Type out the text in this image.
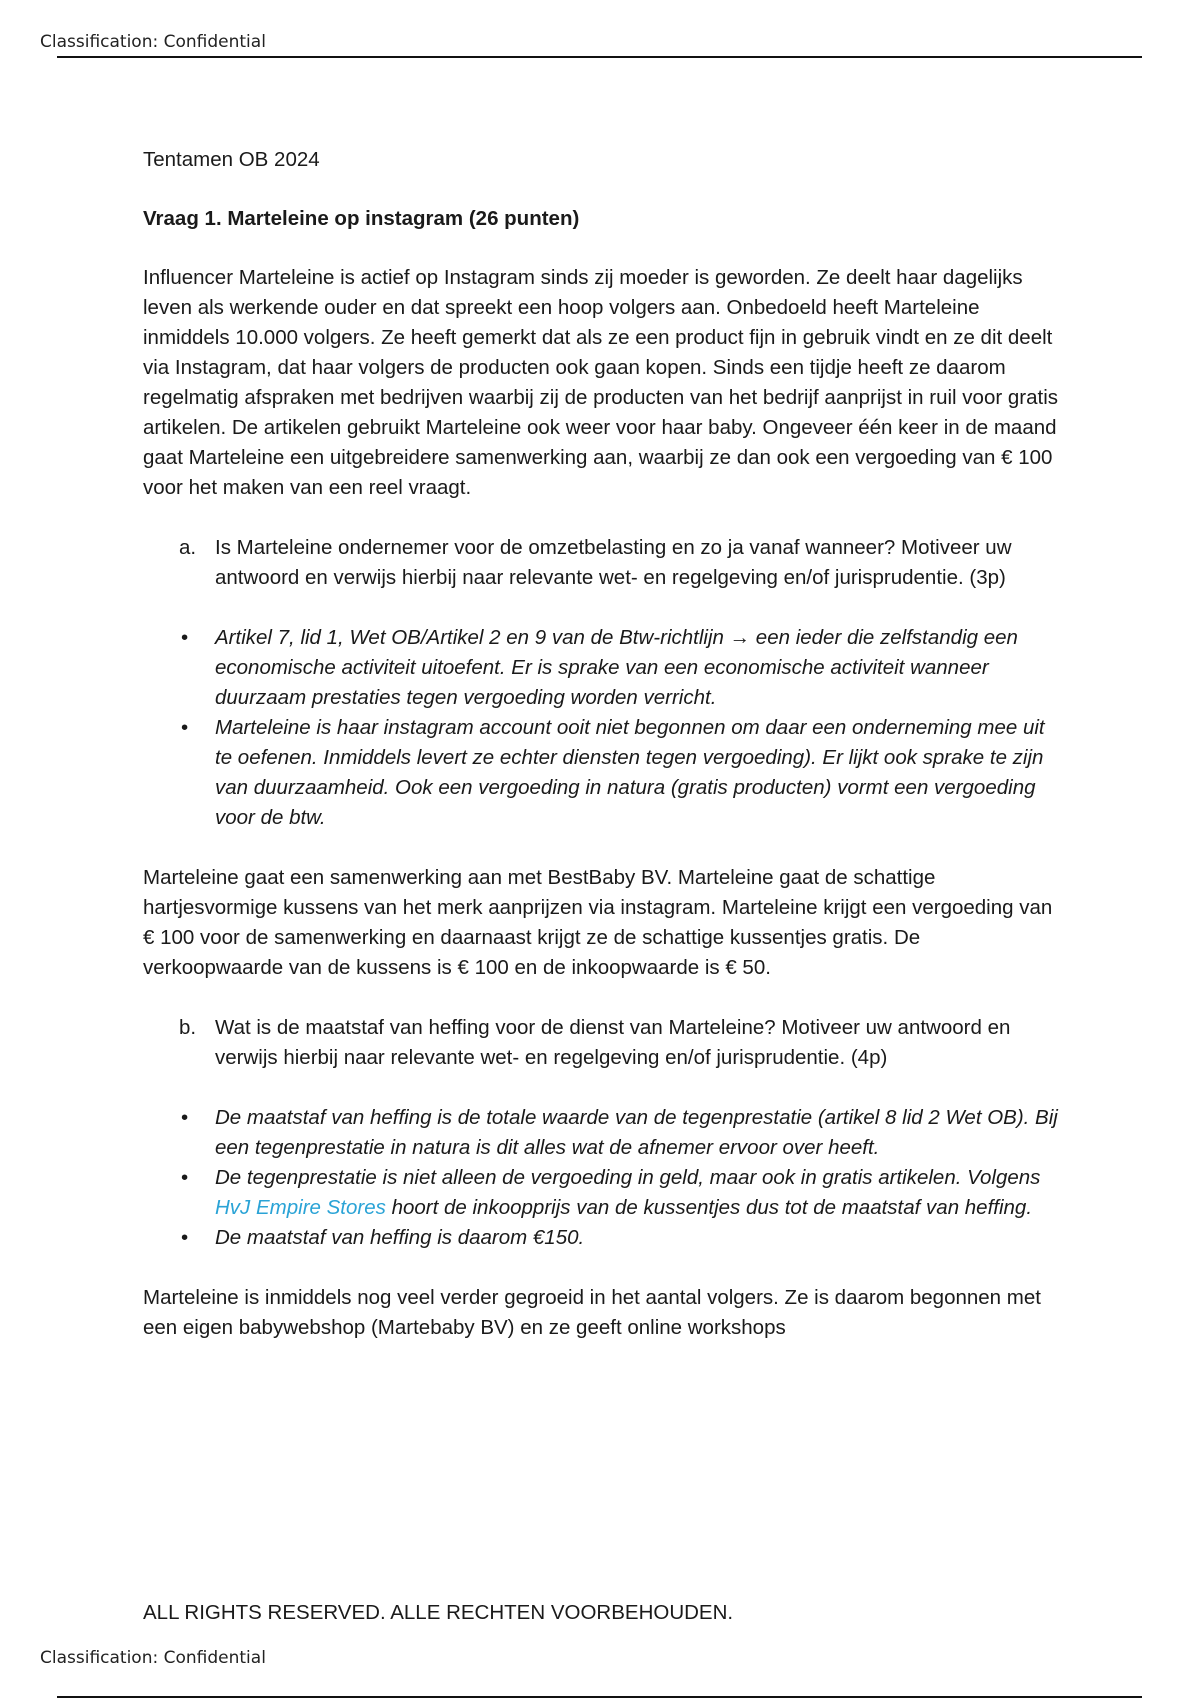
Classification: Confidential

Tentamen OB 2024

Vraag 1. Marteleine op instagram (26 punten)

Influencer Marteleine is actief op Instagram sinds zij moeder is geworden. Ze deelt haar dagelijks leven als werkende ouder en dat spreekt een hoop volgers aan. Onbedoeld heeft Marteleine inmiddels 10.000 volgers. Ze heeft gemerkt dat als ze een product fijn in gebruik vindt en ze dit deelt via Instagram, dat haar volgers de producten ook gaan kopen. Sinds een tijdje heeft ze daarom regelmatig afspraken met bedrijven waarbij zij de producten van het bedrijf aanprijst in ruil voor gratis artikelen. De artikelen gebruikt Marteleine ook weer voor haar baby. Ongeveer één keer in de maand gaat Marteleine een uitgebreidere samenwerking aan, waarbij ze dan ook een vergoeding van € 100 voor het maken van een reel vraagt.

a. Is Marteleine ondernemer voor de omzetbelasting en zo ja vanaf wanneer? Motiveer uw antwoord en verwijs hierbij naar relevante wet- en regelgeving en/of jurisprudentie. (3p)
• Artikel 7, lid 1, Wet OB/Artikel 2 en 9 van de Btw-richtlijn → een ieder die zelfstandig een economische activiteit uitoefent. Er is sprake van een economische activiteit wanneer duurzaam prestaties tegen vergoeding worden verricht.
• Marteleine is haar instagram account ooit niet begonnen om daar een onderneming mee uit te oefenen. Inmiddels levert ze echter diensten tegen vergoeding). Er lijkt ook sprake te zijn van duurzaamheid. Ook een vergoeding in natura (gratis producten) vormt een vergoeding voor de btw.

Marteleine gaat een samenwerking aan met BestBaby BV. Marteleine gaat de schattige hartjesvormige kussens van het merk aanprijzen via instagram. Marteleine krijgt een vergoeding van € 100 voor de samenwerking en daarnaast krijgt ze de schattige kussentjes gratis. De verkoopwaarde van de kussens is € 100 en de inkoopwaarde is € 50.

b. Wat is de maatstaf van heffing voor de dienst van Marteleine? Motiveer uw antwoord en verwijs hierbij naar relevante wet- en regelgeving en/of jurisprudentie. (4p)
• De maatstaf van heffing is de totale waarde van de tegenprestatie (artikel 8 lid 2 Wet OB). Bij een tegenprestatie in natura is dit alles wat de afnemer ervoor over heeft.
• De tegenprestatie is niet alleen de vergoeding in geld, maar ook in gratis artikelen. Volgens HvJ Empire Stores hoort de inkoopprijs van de kussentjes dus tot de maatstaf van heffing.
• De maatstaf van heffing is daarom €150.

Marteleine is inmiddels nog veel verder gegroeid in het aantal volgers. Ze is daarom begonnen met een eigen babywebshop (Martebaby BV) en ze geeft online workshops

ALL RIGHTS RESERVED. ALLE RECHTEN VOORBEHOUDEN.
Classification: Confidential
